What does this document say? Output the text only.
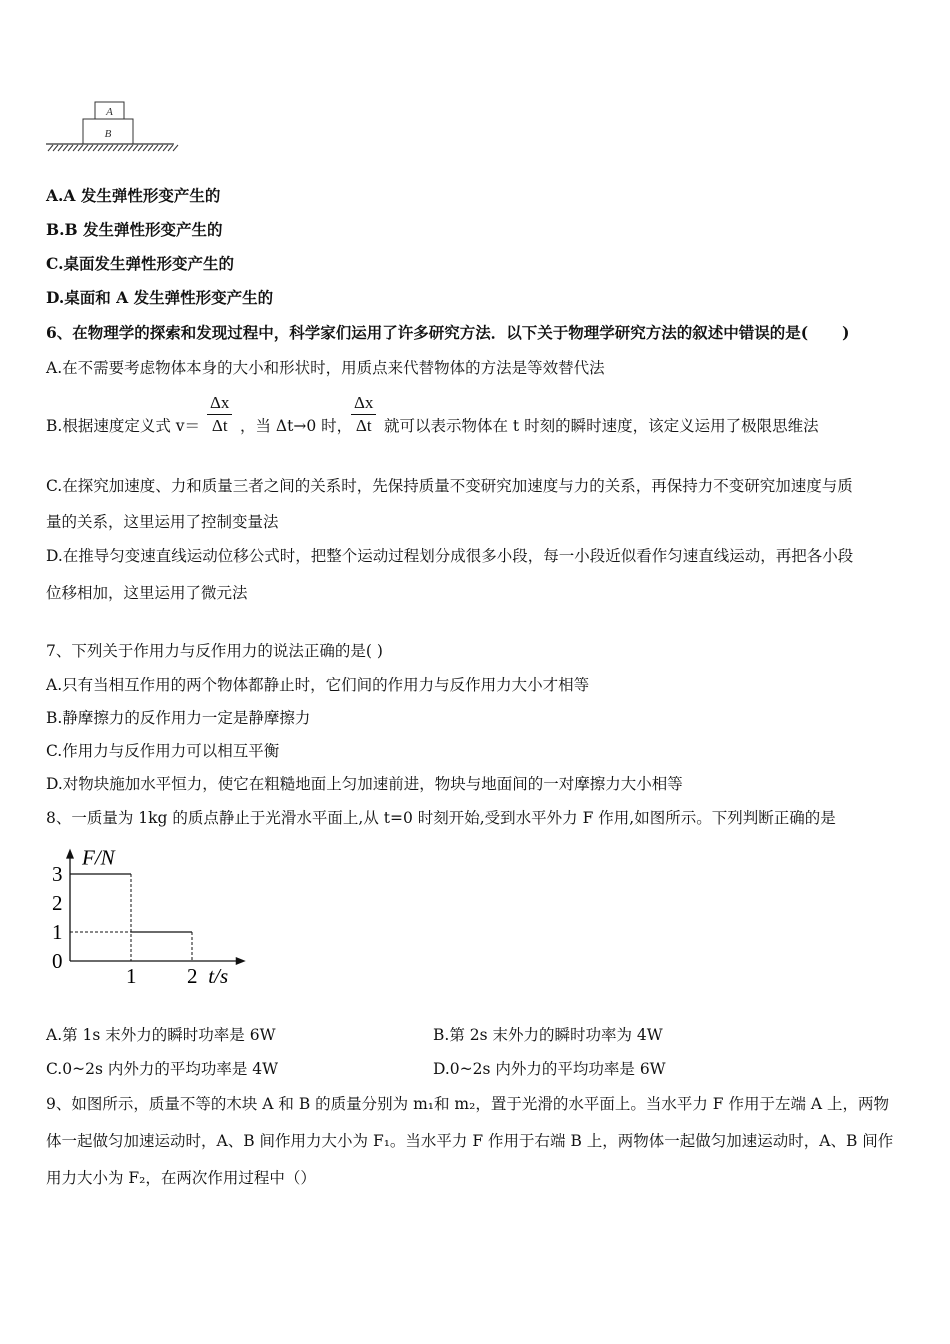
A
B
A.A 发生弹性形变产生的
B.B 发生弹性形变产生的
C.桌面发生弹性形变产生的
D.桌面和 A 发生弹性形变产生的
6、在物理学的探索和发现过程中，科学家们运用了许多研究方法．以下关于物理学研究方法的叙述中错误的是( )
A.在不需要考虑物体本身的大小和形状时，用质点来代替物体的方法是等效替代法
B.根据速度定义式 $v= \frac{\Delta x}{\Delta t}$ ，当 Δt→0 时，
$\frac{\Delta x}{\Delta t}$ 就可以表示物体在 t 时刻的瞬时速度，该定义运用了极限思维法
C.在探究加速度、力和质量三者之间的关系时，先保持质量不变研究加速度与力的关系，再保持力不变研究加速度与质
量的关系，这里运用了控制变量法
D.在推导匀变速直线运动位移公式时，把整个运动过程划分成很多小段，每一小段近似看作匀速直线运动，再把各小段
位移相加，这里运用了微元法
7、下列关于作用力与反作用力的说法正确的是( )
A.只有当相互作用的两个物体都静止时，它们间的作用力与反作用力大小才相等
B.静摩擦力的反作用力一定是静摩擦力
C.作用力与反作用力可以相互平衡
D.对物块施加水平恒力，使它在粗糙地面上匀加速前进，物块与地面间的一对摩擦力大小相等
8、一质量为 1kg 的质点静止于光滑水平面上,从 t=0 时刻开始,受到水平外力 F 作用,如图所示。下列判断正确的是
F/N
t/s
3
2
1
0
1 2
A.第 1s 末外力的瞬时功率是 6W	B.第 2s 末外力的瞬时功率为 4W
C.0~2s 内外力的平均功率是 4W	D.0~2s 内外力的平均功率是 6W
9、如图所示，质量不等的木块 A 和 B 的质量分别为 m₁和 m₂，置于光滑的水平面上。当水平力 F 作用于左端 A 上，两物
体一起做匀加速运动时，A、B 间作用力大小为 F₁。当水平力 F 作用于右端 B 上，两物体一起做匀加速运动时，A、B 间作
用力大小为 F₂，在两次作用过程中（）
